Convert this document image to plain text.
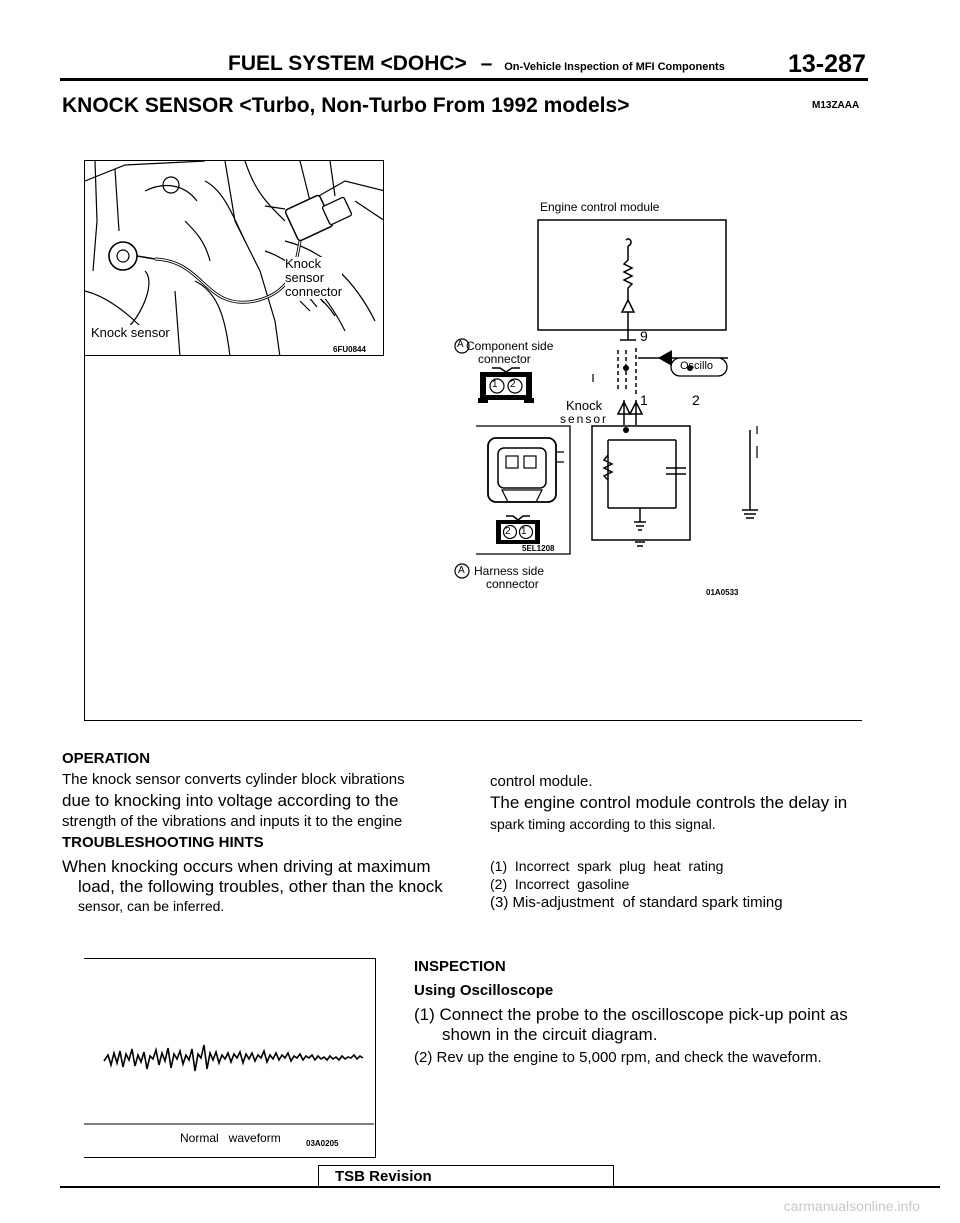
FUEL SYSTEM <DOHC> – On-Vehicle Inspection of MFI Components	13-287
KNOCK SENSOR <Turbo, Non-Turbo From 1992 models>	M13ZAAA
Knock
sensor
connector
Knock sensor
6FU0844
Engine control module
9
Oscillo
A Component side
connector
1 2
Knock
sensor
1	2
2 1
5EL1208
A Harness side
connector
01A0533
OPERATION
The knock sensor converts cylinder block vibrations
due to knocking into voltage according to the
strength of the vibrations and inputs it to the engine
control module.
The engine control module controls the delay in
spark timing according to this signal.
TROUBLESHOOTING HINTS
When knocking occurs when driving at maximum
load, the following troubles, other than the knock
sensor, can be inferred.
(1)  Incorrect  spark  plug  heat  rating
(2)  Incorrect  gasoline
(3) Mis-adjustment  of standard spark timing
Normal   waveform	03A0205
INSPECTION
Using Oscilloscope
(1) Connect the probe to the oscilloscope pick-up point as
shown in the circuit diagram.
(2) Rev up the engine to 5,000 rpm, and check the waveform.
TSB Revision
carmanualsonline.info
